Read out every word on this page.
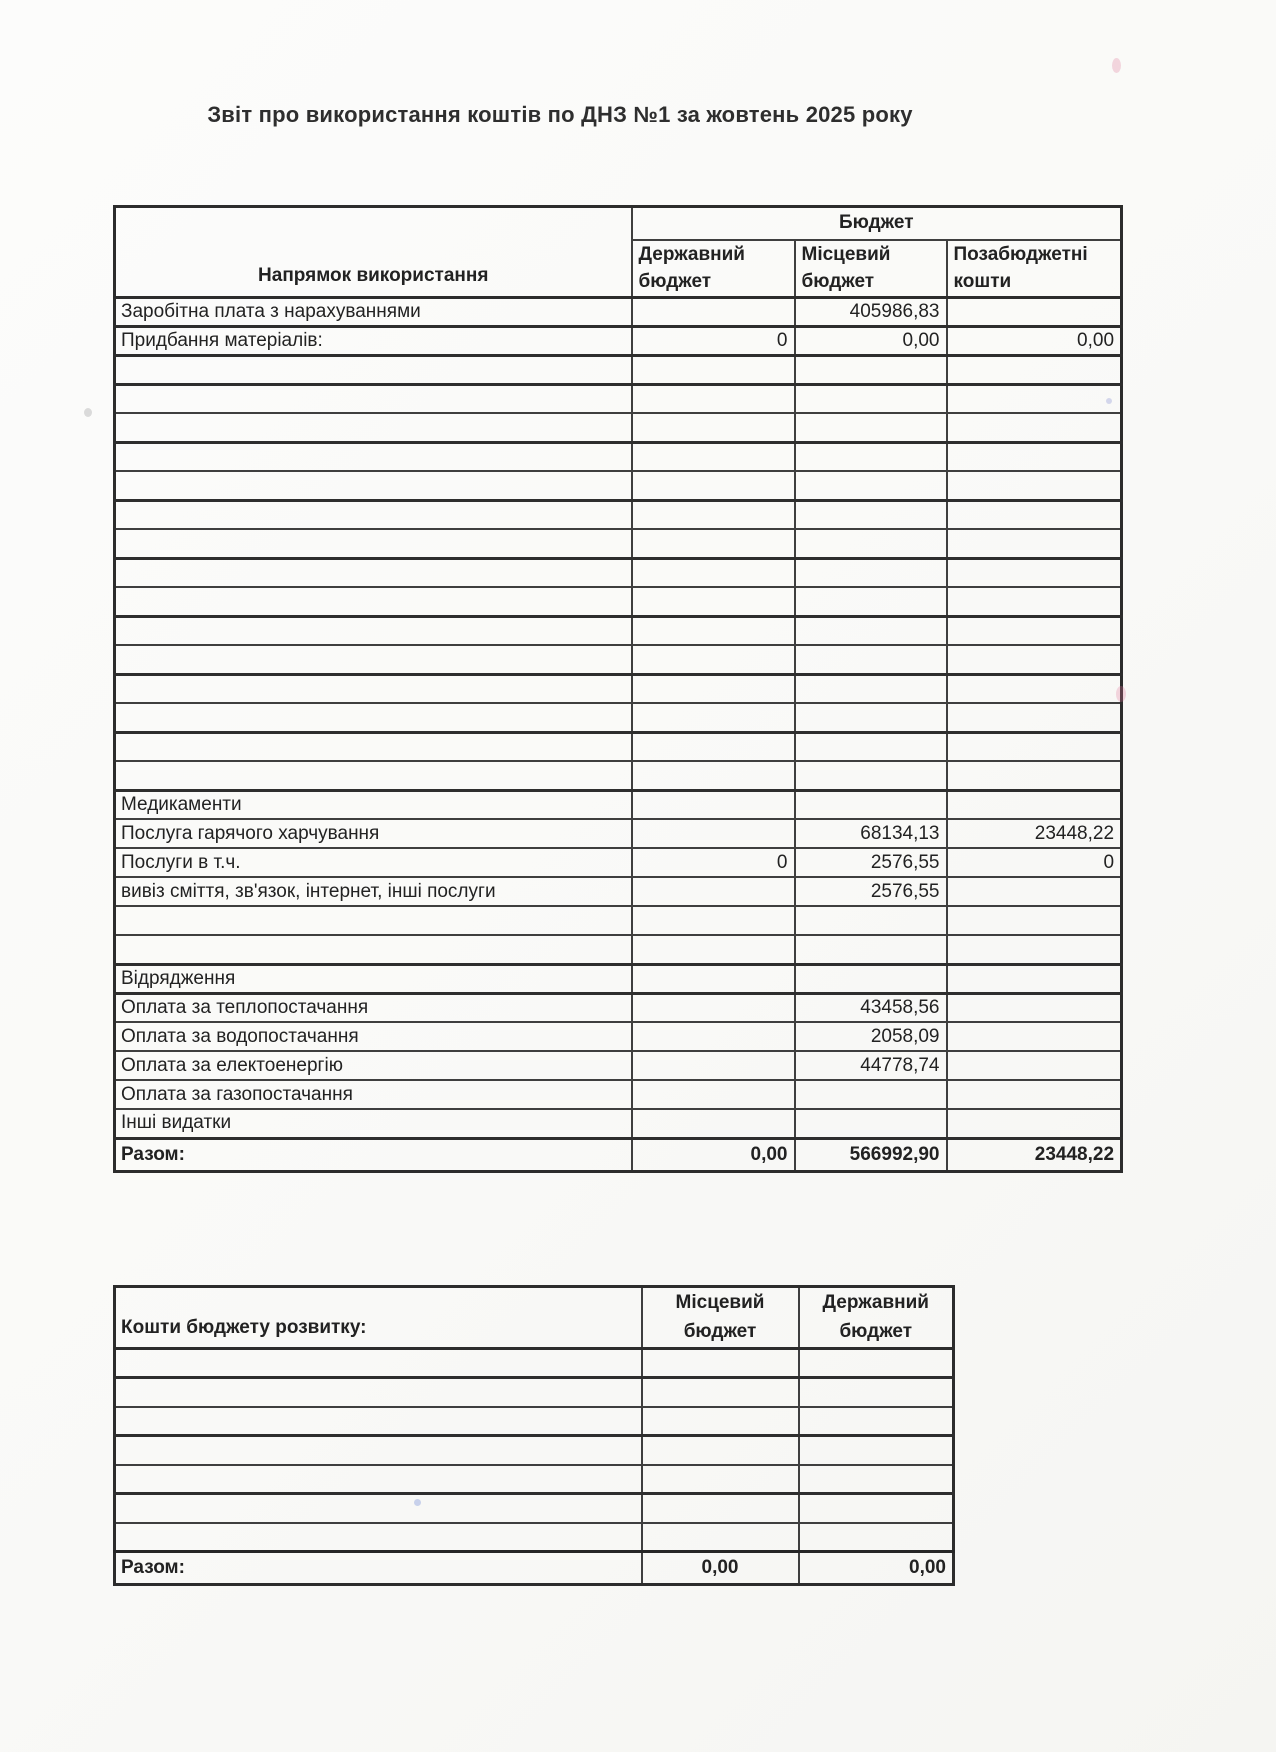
Звіт про використання коштів по ДНЗ №1 за жовтень 2025 року
Напрямок використання	Бюджет		
	Державний бюджет	Місцевий бюджет	Позабюджетні кошти
Заробітна плата з нарахуваннями		405986,83	
Придбання матеріалів:	0	0,00	0,00

Медикаменти			
Послуга гарячого харчування		68134,13	23448,22
Послуги в т.ч.	0	2576,55	0
вивіз сміття, зв'язок, інтернет, інші послуги		2576,55	

Відрядження			
Оплата за теплопостачання		43458,56	
Оплата за водопостачання		2058,09	
Оплата за електоенергію		44778,74	
Оплата за газопостачання			
Інші видатки			
Разом:	0,00	566992,90	23448,22
Кошти бюджету розвитку:	Місцевий бюджет	Державний бюджет

Разом:	0,00	0,00
